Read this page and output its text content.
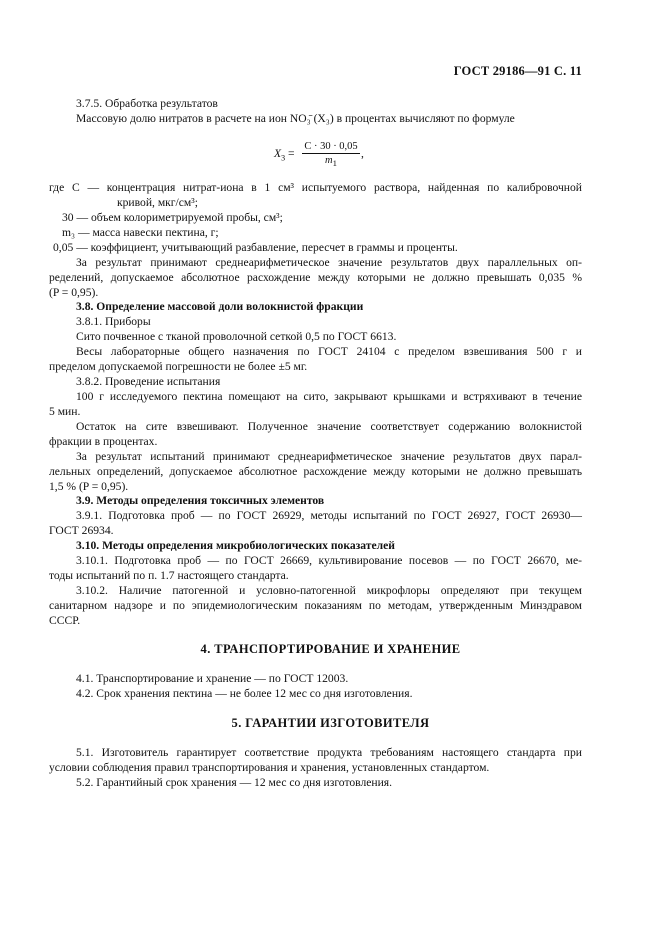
ГОСТ 29186—91 С. 11
3.7.5. Обработка результатов
Массовую долю нитратов в расчете на ион NO₃̄ (X₃) в процентах вычисляют по формуле
$X_3 = \frac{C \cdot 30 \cdot 0,05}{m_1}$ ,
где C — концентрация нитрат-иона в 1 см³ испытуемого раствора, найденная по калибровочной
кривой, мкг/см³;
30 — объем колориметрируемой пробы, см³;
m₃ — масса навески пектина, г;
0,05 — коэффициент, учитывающий разбавление, пересчет в граммы и проценты.
За результат принимают среднеарифметическое значение результатов двух параллельных оп-
ределений, допускаемое абсолютное расхождение между которыми не должно превышать 0,035 %
(P = 0,95).
3.8. Определение массовой доли волокнистой фракции
3.8.1. Приборы
Сито почвенное с тканой проволочной сеткой 0,5 по ГОСТ 6613.
Весы лабораторные общего назначения по ГОСТ 24104 с пределом взвешивания 500 г и
пределом допускаемой погрешности не более ±5 мг.
3.8.2. Проведение испытания
100 г исследуемого пектина помещают на сито, закрывают крышками и встряхивают в течение
5 мин.
Остаток на сите взвешивают. Полученное значение соответствует содержанию волокнистой
фракции в процентах.
За результат испытаний принимают среднеарифметическое значение результатов двух парал-
лельных определений, допускаемое абсолютное расхождение между которыми не должно превышать
1,5 % (P = 0,95).
3.9. Методы определения токсичных элементов
3.9.1. Подготовка проб — по ГОСТ 26929, методы испытаний по ГОСТ 26927, ГОСТ 26930—
ГОСТ 26934.
3.10. Методы определения микробиологических показателей
3.10.1. Подготовка проб — по ГОСТ 26669, культивирование посевов — по ГОСТ 26670, ме-
тоды испытаний по п. 1.7 настоящего стандарта.
3.10.2. Наличие патогенной и условно-патогенной микрофлоры определяют при текущем
санитарном надзоре и по эпидемиологическим показаниям по методам, утвержденным Минздравом
СССР.
4. ТРАНСПОРТИРОВАНИЕ И ХРАНЕНИЕ
4.1. Транспортирование и хранение — по ГОСТ 12003.
4.2. Срок хранения пектина — не более 12 мес со дня изготовления.
5. ГАРАНТИИ ИЗГОТОВИТЕЛЯ
5.1. Изготовитель гарантирует соответствие продукта требованиям настоящего стандарта при
условии соблюдения правил транспортирования и хранения, установленных стандартом.
5.2. Гарантийный срок хранения — 12 мес со дня изготовления.
